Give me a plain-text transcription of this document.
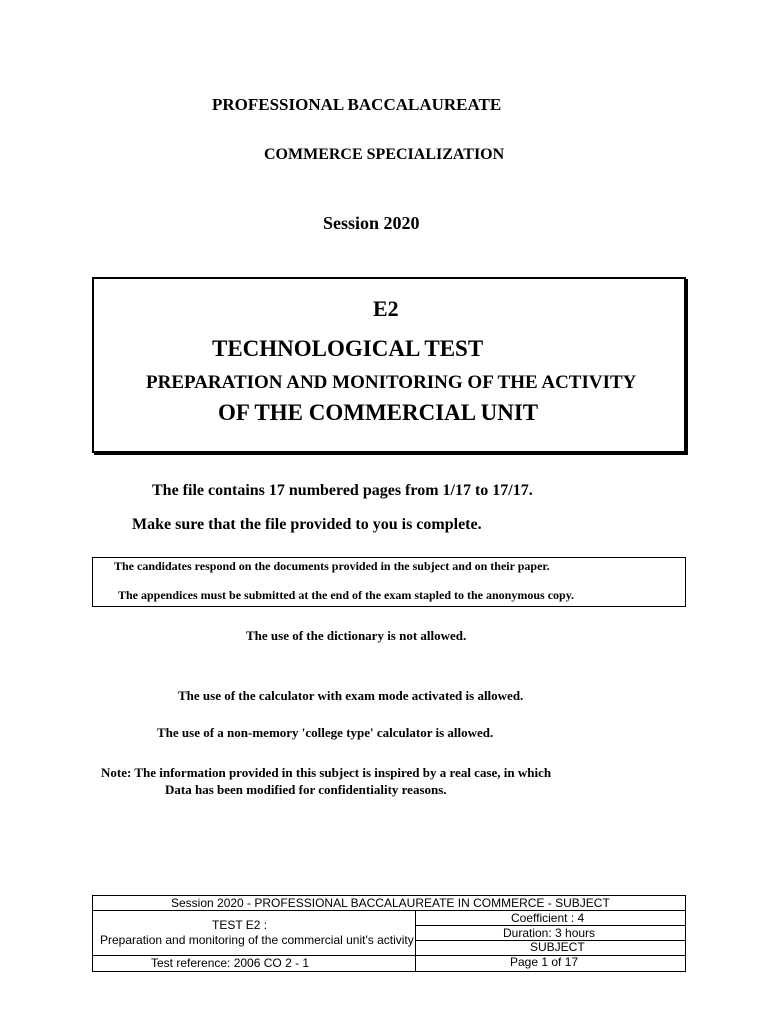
PROFESSIONAL BACCALAUREATE
COMMERCE SPECIALIZATION
Session 2020
E2
TECHNOLOGICAL TEST
PREPARATION AND MONITORING OF THE ACTIVITY
OF THE COMMERCIAL UNIT
The file contains 17 numbered pages from 1/17 to 17/17.
Make sure that the file provided to you is complete.
The candidates respond on the documents provided in the subject and on their paper.
The appendices must be submitted at the end of the exam stapled to the anonymous copy.
The use of the dictionary is not allowed.
The use of the calculator with exam mode activated is allowed.
The use of a non-memory 'college type' calculator is allowed.
Note: The information provided in this subject is inspired by a real case, in which
Data has been modified for confidentiality reasons.
Session 2020 - PROFESSIONAL BACCALAUREATE IN COMMERCE - SUBJECT
TEST E2 :
Preparation and monitoring of the commercial unit's activity
Coefficient : 4
Duration: 3 hours
SUBJECT
Test reference: 2006 CO 2 - 1	Page 1 of 17
